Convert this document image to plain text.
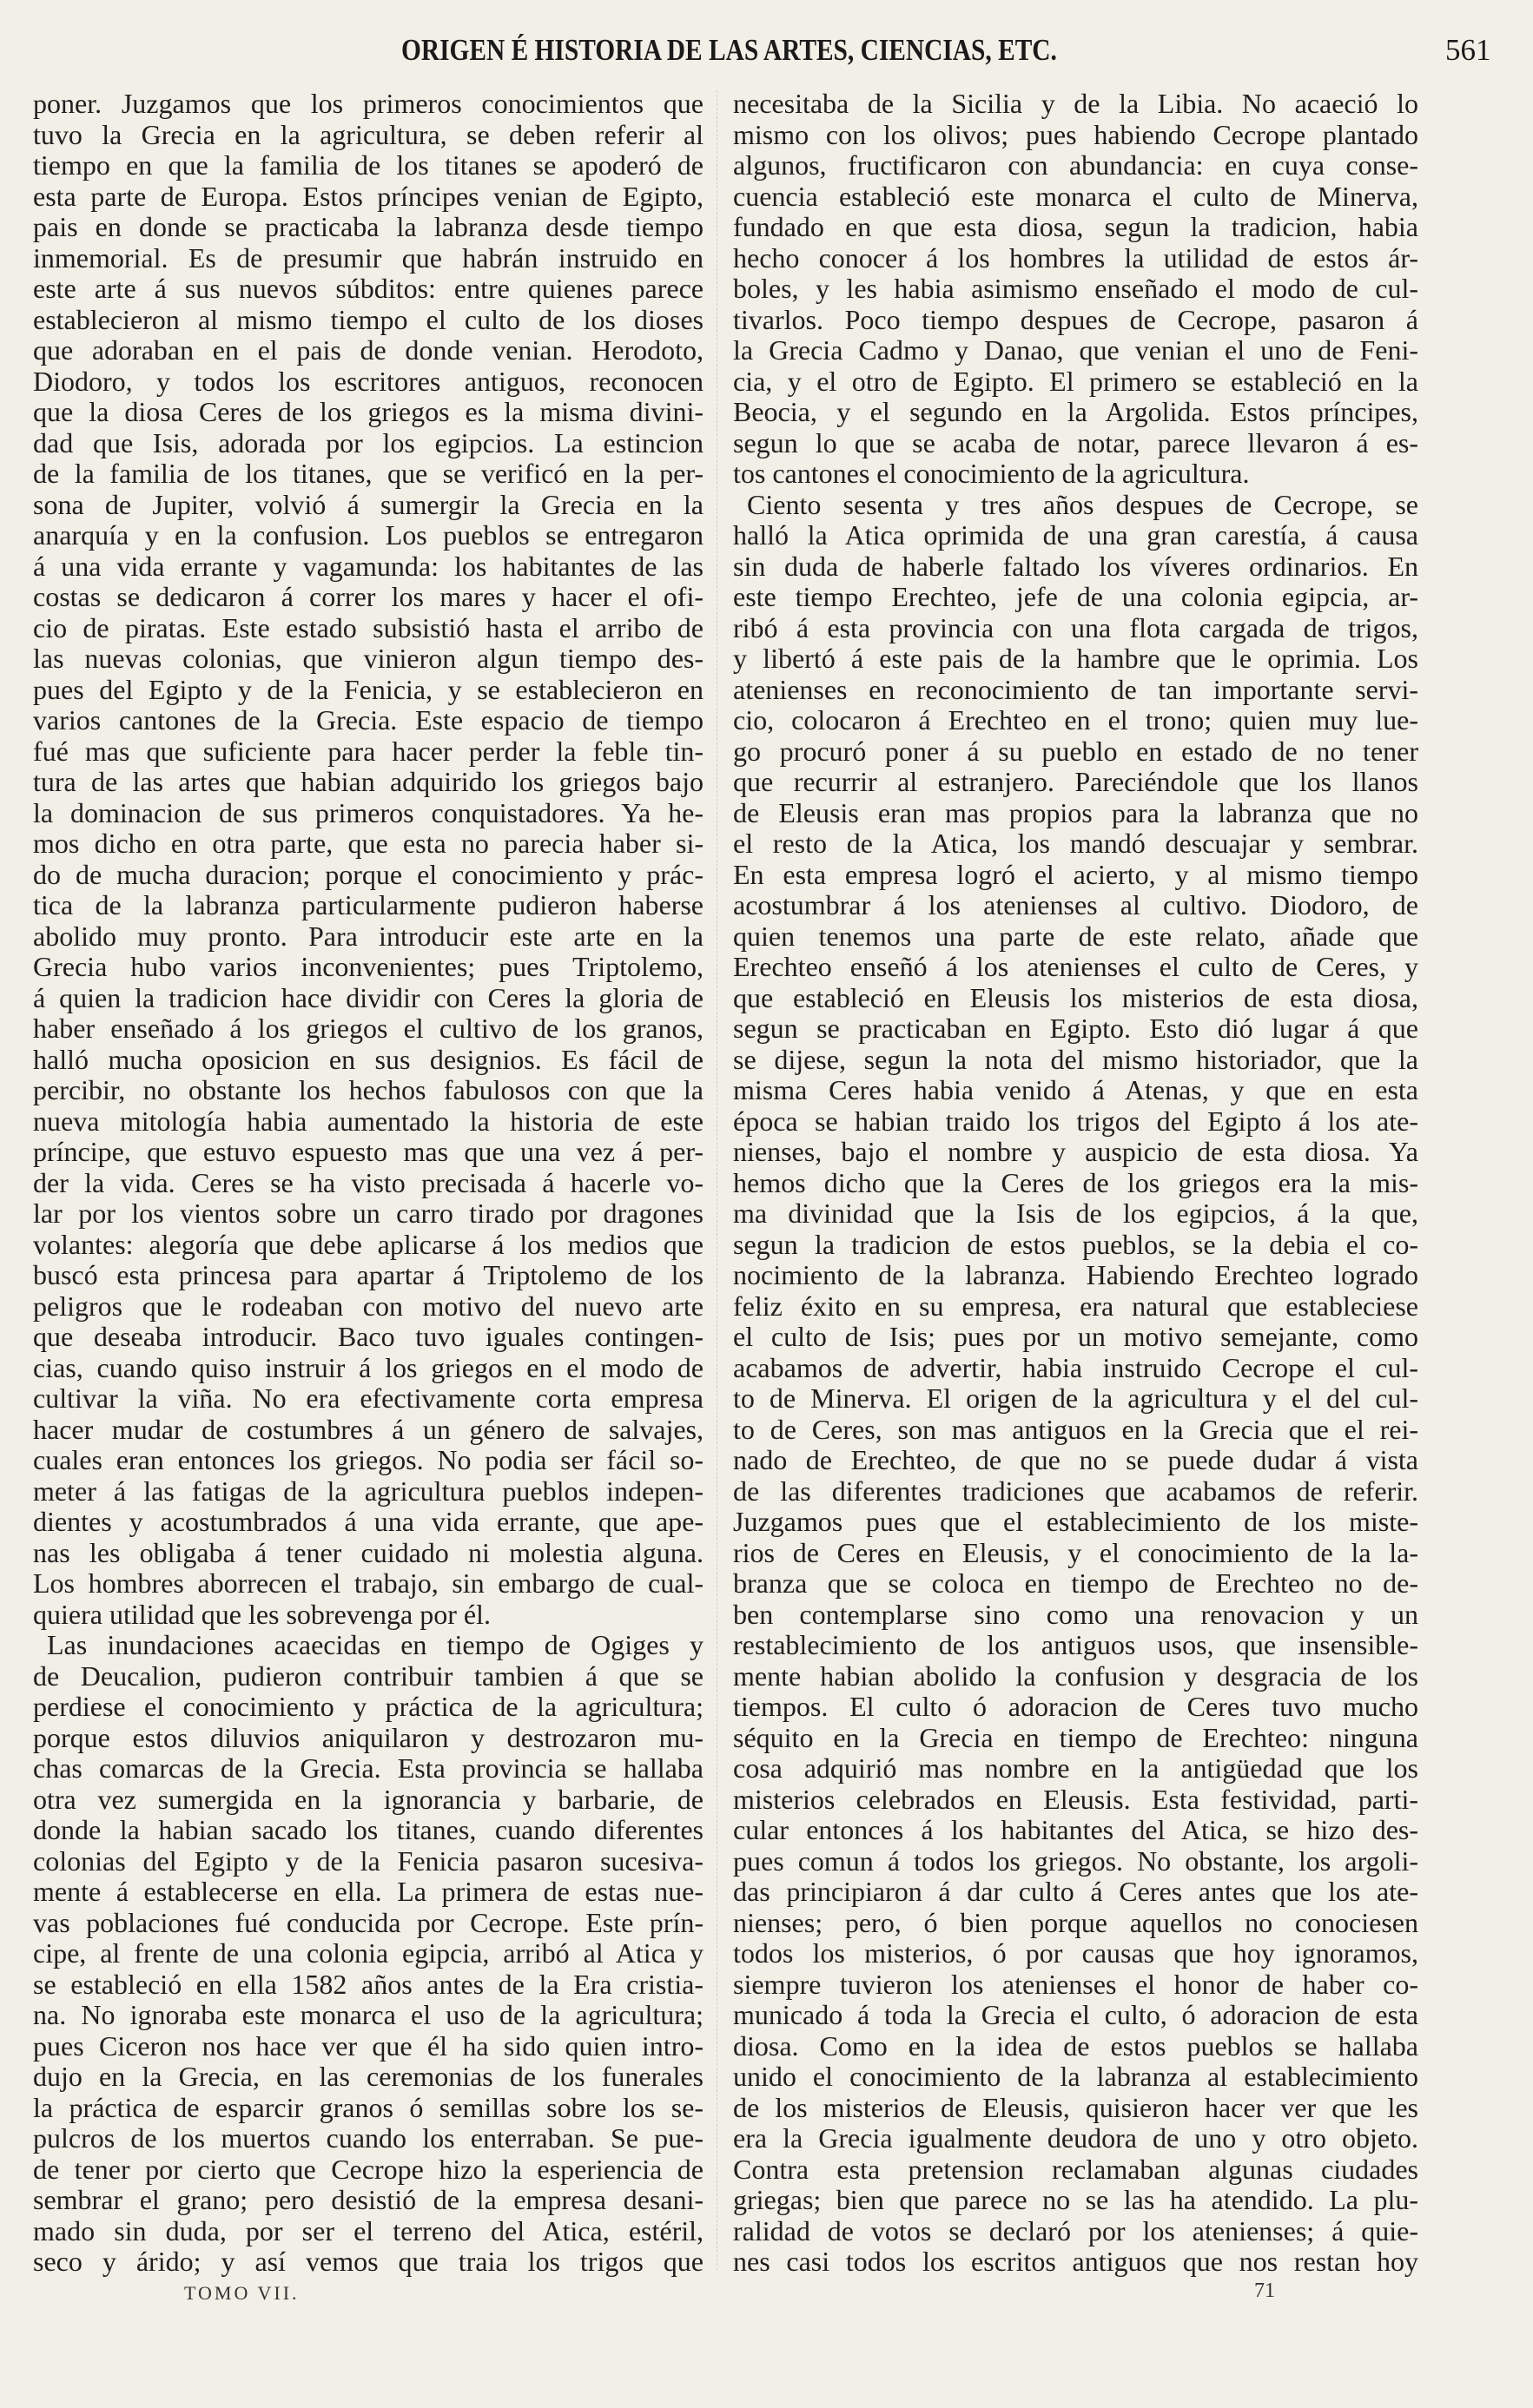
ORIGEN É HISTORIA DE LAS ARTES, CIENCIAS, ETC.	561
poner. Juzgamos que los primeros conocimientos que
tuvo la Grecia en la agricultura, se deben referir al
tiempo en que la familia de los titanes se apoderó de
esta parte de Europa. Estos príncipes venian de Egipto,
pais en donde se practicaba la labranza desde tiempo
inmemorial. Es de presumir que habrán instruido en
este arte á sus nuevos súbditos: entre quienes parece
establecieron al mismo tiempo el culto de los dioses
que adoraban en el pais de donde venian. Herodoto,
Diodoro, y todos los escritores antiguos, reconocen
que la diosa Ceres de los griegos es la misma divini-
dad que Isis, adorada por los egipcios. La estincion
de la familia de los titanes, que se verificó en la per-
sona de Jupiter, volvió á sumergir la Grecia en la
anarquía y en la confusion. Los pueblos se entregaron
á una vida errante y vagamunda: los habitantes de las
costas se dedicaron á correr los mares y hacer el ofi-
cio de piratas. Este estado subsistió hasta el arribo de
las nuevas colonias, que vinieron algun tiempo des-
pues del Egipto y de la Fenicia, y se establecieron en
varios cantones de la Grecia. Este espacio de tiempo
fué mas que suficiente para hacer perder la feble tin-
tura de las artes que habian adquirido los griegos bajo
la dominacion de sus primeros conquistadores. Ya he-
mos dicho en otra parte, que esta no parecia haber si-
do de mucha duracion; porque el conocimiento y prác-
tica de la labranza particularmente pudieron haberse
abolido muy pronto. Para introducir este arte en la
Grecia hubo varios inconvenientes; pues Triptolemo,
á quien la tradicion hace dividir con Ceres la gloria de
haber enseñado á los griegos el cultivo de los granos,
halló mucha oposicion en sus designios. Es fácil de
percibir, no obstante los hechos fabulosos con que la
nueva mitología habia aumentado la historia de este
príncipe, que estuvo espuesto mas que una vez á per-
der la vida. Ceres se ha visto precisada á hacerle vo-
lar por los vientos sobre un carro tirado por dragones
volantes: alegoría que debe aplicarse á los medios que
buscó esta princesa para apartar á Triptolemo de los
peligros que le rodeaban con motivo del nuevo arte
que deseaba introducir. Baco tuvo iguales contingen-
cias, cuando quiso instruir á los griegos en el modo de
cultivar la viña. No era efectivamente corta empresa
hacer mudar de costumbres á un género de salvajes,
cuales eran entonces los griegos. No podia ser fácil so-
meter á las fatigas de la agricultura pueblos indepen-
dientes y acostumbrados á una vida errante, que ape-
nas les obligaba á tener cuidado ni molestia alguna.
Los hombres aborrecen el trabajo, sin embargo de cual-
quiera utilidad que les sobrevenga por él.
Las inundaciones acaecidas en tiempo de Ogiges y
de Deucalion, pudieron contribuir tambien á que se
perdiese el conocimiento y práctica de la agricultura;
porque estos diluvios aniquilaron y destrozaron mu-
chas comarcas de la Grecia. Esta provincia se hallaba
otra vez sumergida en la ignorancia y barbarie, de
donde la habian sacado los titanes, cuando diferentes
colonias del Egipto y de la Fenicia pasaron sucesiva-
mente á establecerse en ella. La primera de estas nue-
vas poblaciones fué conducida por Cecrope. Este prín-
cipe, al frente de una colonia egipcia, arribó al Atica y
se estableció en ella 1582 años antes de la Era cristia-
na. No ignoraba este monarca el uso de la agricultura;
pues Ciceron nos hace ver que él ha sido quien intro-
dujo en la Grecia, en las ceremonias de los funerales
la práctica de esparcir granos ó semillas sobre los se-
pulcros de los muertos cuando los enterraban. Se pue-
de tener por cierto que Cecrope hizo la esperiencia de
sembrar el grano; pero desistió de la empresa desani-
mado sin duda, por ser el terreno del Atica, estéril,
seco y árido; y así vemos que traia los trigos que
necesitaba de la Sicilia y de la Libia. No acaeció lo
mismo con los olivos; pues habiendo Cecrope plantado
algunos, fructificaron con abundancia: en cuya conse-
cuencia estableció este monarca el culto de Minerva,
fundado en que esta diosa, segun la tradicion, habia
hecho conocer á los hombres la utilidad de estos ár-
boles, y les habia asimismo enseñado el modo de cul-
tivarlos. Poco tiempo despues de Cecrope, pasaron á
la Grecia Cadmo y Danao, que venian el uno de Feni-
cia, y el otro de Egipto. El primero se estableció en la
Beocia, y el segundo en la Argolida. Estos príncipes,
segun lo que se acaba de notar, parece llevaron á es-
tos cantones el conocimiento de la agricultura.
Ciento sesenta y tres años despues de Cecrope, se
halló la Atica oprimida de una gran carestía, á causa
sin duda de haberle faltado los víveres ordinarios. En
este tiempo Erechteo, jefe de una colonia egipcia, ar-
ribó á esta provincia con una flota cargada de trigos,
y libertó á este pais de la hambre que le oprimia. Los
atenienses en reconocimiento de tan importante servi-
cio, colocaron á Erechteo en el trono; quien muy lue-
go procuró poner á su pueblo en estado de no tener
que recurrir al estranjero. Pareciéndole que los llanos
de Eleusis eran mas propios para la labranza que no
el resto de la Atica, los mandó descuajar y sembrar.
En esta empresa logró el acierto, y al mismo tiempo
acostumbrar á los atenienses al cultivo. Diodoro, de
quien tenemos una parte de este relato, añade que
Erechteo enseñó á los atenienses el culto de Ceres, y
que estableció en Eleusis los misterios de esta diosa,
segun se practicaban en Egipto. Esto dió lugar á que
se dijese, segun la nota del mismo historiador, que la
misma Ceres habia venido á Atenas, y que en esta
época se habian traido los trigos del Egipto á los ate-
nienses, bajo el nombre y auspicio de esta diosa. Ya
hemos dicho que la Ceres de los griegos era la mis-
ma divinidad que la Isis de los egipcios, á la que,
segun la tradicion de estos pueblos, se la debia el co-
nocimiento de la labranza. Habiendo Erechteo logrado
feliz éxito en su empresa, era natural que estableciese
el culto de Isis; pues por un motivo semejante, como
acabamos de advertir, habia instruido Cecrope el cul-
to de Minerva. El origen de la agricultura y el del cul-
to de Ceres, son mas antiguos en la Grecia que el rei-
nado de Erechteo, de que no se puede dudar á vista
de las diferentes tradiciones que acabamos de referir.
Juzgamos pues que el establecimiento de los miste-
rios de Ceres en Eleusis, y el conocimiento de la la-
branza que se coloca en tiempo de Erechteo no de-
ben contemplarse sino como una renovacion y un
restablecimiento de los antiguos usos, que insensible-
mente habian abolido la confusion y desgracia de los
tiempos. El culto ó adoracion de Ceres tuvo mucho
séquito en la Grecia en tiempo de Erechteo: ninguna
cosa adquirió mas nombre en la antigüedad que los
misterios celebrados en Eleusis. Esta festividad, parti-
cular entonces á los habitantes del Atica, se hizo des-
pues comun á todos los griegos. No obstante, los argoli-
das principiaron á dar culto á Ceres antes que los ate-
nienses; pero, ó bien porque aquellos no conociesen
todos los misterios, ó por causas que hoy ignoramos,
siempre tuvieron los atenienses el honor de haber co-
municado á toda la Grecia el culto, ó adoracion de esta
diosa. Como en la idea de estos pueblos se hallaba
unido el conocimiento de la labranza al establecimiento
de los misterios de Eleusis, quisieron hacer ver que les
era la Grecia igualmente deudora de uno y otro objeto.
Contra esta pretension reclamaban algunas ciudades
griegas; bien que parece no se las ha atendido. La plu-
ralidad de votos se declaró por los atenienses; á quie-
nes casi todos los escritos antiguos que nos restan hoy
TOMO VII.	71
